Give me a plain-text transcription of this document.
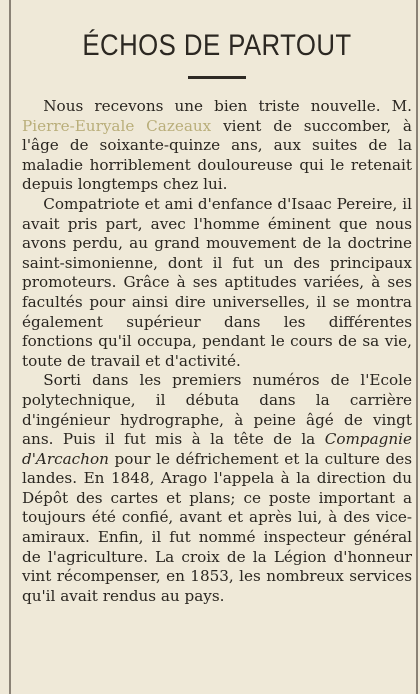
ÉCHOS DE PARTOUT

Nous recevons une bien triste nouvelle. M. Pierre-Euryale Cazeaux vient de succomber, à l'âge de soixante-quinze ans, aux suites de la maladie horriblement douloureuse qui le retenait depuis longtemps chez lui.

Compatriote et ami d'enfance d'Isaac Pereire, il avait pris part, avec l'homme éminent que nous avons perdu, au grand mouvement de la doctrine saint-simonienne, dont il fut un des principaux promoteurs. Grâce à ses aptitudes variées, à ses facultés pour ainsi dire universelles, il se montra également supérieur dans les différentes fonctions qu'il occupa, pendant le cours de sa vie, toute de travail et d'activité.

Sorti dans les premiers numéros de l'Ecole polytechnique, il débuta dans la carrière d'ingénieur hydrographe, à peine âgé de vingt ans. Puis il fut mis à la tête de la Compagnie d'Arcachon pour le défrichement et la culture des landes. En 1848, Arago l'appela à la direction du Dépôt des cartes et plans; ce poste important a toujours été confié, avant et après lui, à des vice-amiraux. Enfin, il fut nommé inspecteur général de l'agriculture. La croix de la Légion d'honneur vint récompenser, en 1853, les nombreux services qu'il avait rendus au pays.
